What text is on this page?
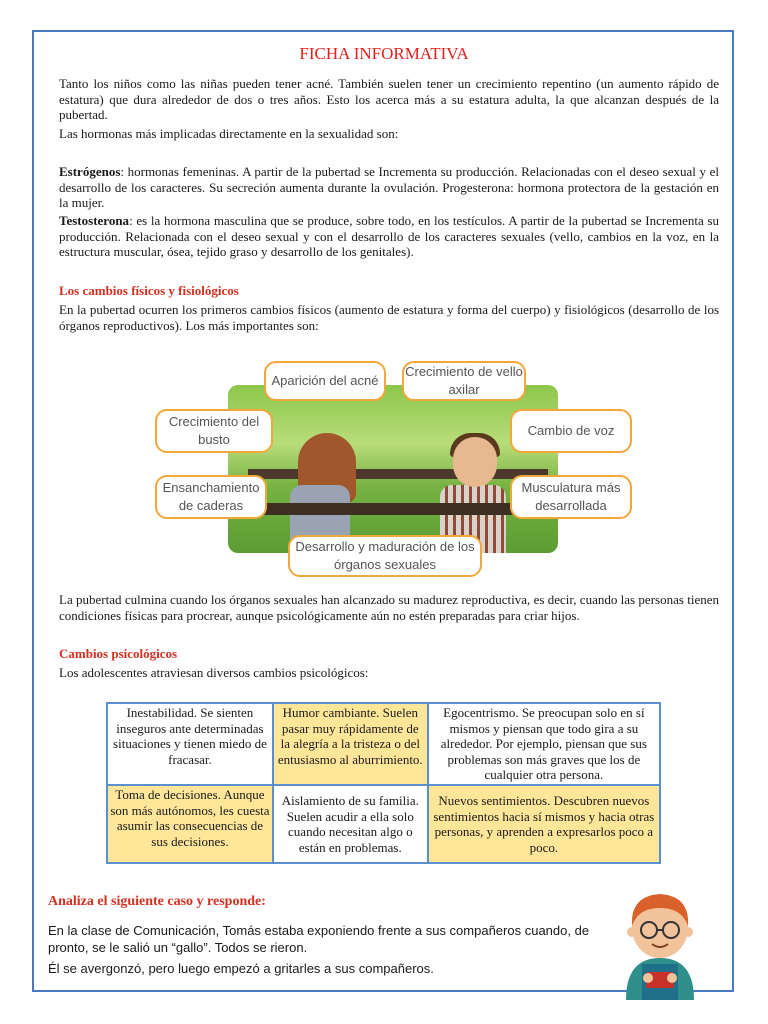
FICHA INFORMATIVA

Tanto los niños como las niñas pueden tener acné. También suelen tener un crecimiento repentino (un aumento rápido de estatura) que dura alrededor de dos o tres años. Esto los acerca más a su estatura adulta, la que alcanzan después de la pubertad.

Las hormonas más implicadas directamente en la sexualidad son:

Estrógenos: hormonas femeninas. A partir de la pubertad se Incrementa su producción. Relacionadas con el deseo sexual y el desarrollo de los caracteres. Su secreción aumenta durante la ovulación. Progesterona: hormona protectora de la gestación en la mujer.

Testosterona: es la hormona masculina que se produce, sobre todo, en los testículos. A partir de la pubertad se Incrementa su producción. Relacionada con el deseo sexual y con el desarrollo de los caracteres sexuales (vello, cambios en la voz, en la estructura muscular, ósea, tejido graso y desarrollo de los genitales).

Los cambios físicos y fisiológicos

En la pubertad ocurren los primeros cambios físicos (aumento de estatura y forma del cuerpo) y fisiológicos (desarrollo de los órganos reproductivos). Los más importantes son:

Aparición del acné
Crecimiento de vello axilar
Crecimiento del busto
Cambio de voz
Ensanchamiento de caderas
Musculatura más desarrollada
Desarrollo y maduración de los órganos sexuales

La pubertad culmina cuando los órganos sexuales han alcanzado su madurez reproductiva, es decir, cuando las personas tienen condiciones físicas para procrear, aunque psicológicamente aún no estén preparadas para criar hijos.

Cambios psicológicos

Los adolescentes atraviesan diversos cambios psicológicos:

Inestabilidad. Se sienten inseguros ante determinadas situaciones y tienen miedo de fracasar.	Humor cambiante. Suelen pasar muy rápidamente de la alegría a la tristeza o del entusiasmo al aburrimiento.	Egocentrismo. Se preocupan solo en sí mismos y piensan que todo gira a su alrededor. Por ejemplo, piensan que sus problemas son más graves que los de cualquier otra persona.
Toma de decisiones. Aunque son más autónomos, les cuesta asumir las consecuencias de sus decisiones.	Aislamiento de su familia. Suelen acudir a ella solo cuando necesitan algo o están en problemas.	Nuevos sentimientos. Descubren nuevos sentimientos hacia sí mismos y hacia otras personas, y aprenden a expresarlos poco a poco.
Analiza el siguiente caso y responde:

En la clase de Comunicación, Tomás estaba exponiendo frente a sus compañeros cuando, de pronto, se le salió un “gallo”. Todos se rieron.

Él se avergonzó, pero luego empezó a gritarles a sus compañeros.
